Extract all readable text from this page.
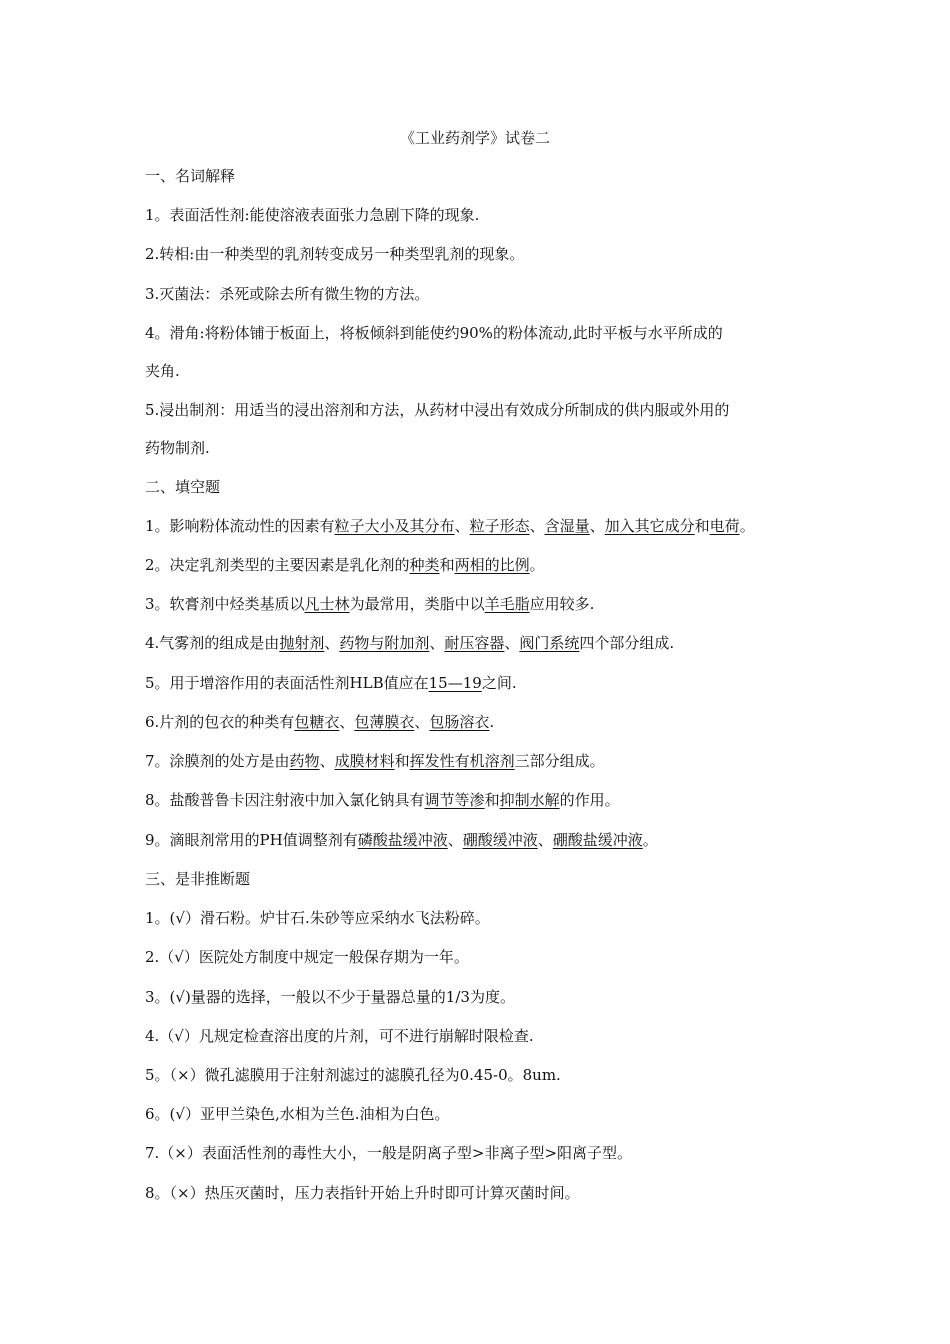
《工业药剂学》试卷二
一、名词解释
1。表面活性剂:能使溶液表面张力急剧下降的现象.
2.转相:由一种类型的乳剂转变成另一种类型乳剂的现象。
3.灭菌法：杀死或除去所有微生物的方法。
4。滑角:将粉体铺于板面上，将板倾斜到能使约90%的粉体流动,此时平板与水平所成的
夹角.
5.浸出制剂：用适当的浸出溶剂和方法，从药材中浸出有效成分所制成的供内服或外用的
药物制剂.
二、填空题
1。影响粉体流动性的因素有粒子大小及其分布、粒子形态、含湿量、加入其它成分和电荷。
2。决定乳剂类型的主要因素是乳化剂的种类和两相的比例。
3。软膏剂中烃类基质以凡士林为最常用，类脂中以羊毛脂应用较多.
4.气雾剂的组成是由抛射剂、药物与附加剂、耐压容器、阀门系统四个部分组成.
5。用于增溶作用的表面活性剂HLB值应在15—19之间.
6.片剂的包衣的种类有包糖衣、包薄膜衣、包肠溶衣.
7。涂膜剂的处方是由药物、成膜材料和挥发性有机溶剂三部分组成。
8。盐酸普鲁卡因注射液中加入氯化钠具有调节等渗和抑制水解的作用。
9。滴眼剂常用的PH值调整剂有磷酸盐缓冲液、硼酸缓冲液、硼酸盐缓冲液。
三、是非推断题
1。(√）滑石粉。炉甘石.朱砂等应采纳水飞法粉碎。
2.（√）医院处方制度中规定一般保存期为一年。
3。(√)量器的选择，一般以不少于量器总量的1/3为度。
4.（√）凡规定检查溶出度的片剂，可不进行崩解时限检查.
5。（×）微孔滤膜用于注射剂滤过的滤膜孔径为0.45-0。8um.
6。(√）亚甲兰染色,水相为兰色.油相为白色。
7.（×）表面活性剂的毒性大小，一般是阴离子型>非离子型>阳离子型。
8。（×）热压灭菌时，压力表指针开始上升时即可计算灭菌时间。
